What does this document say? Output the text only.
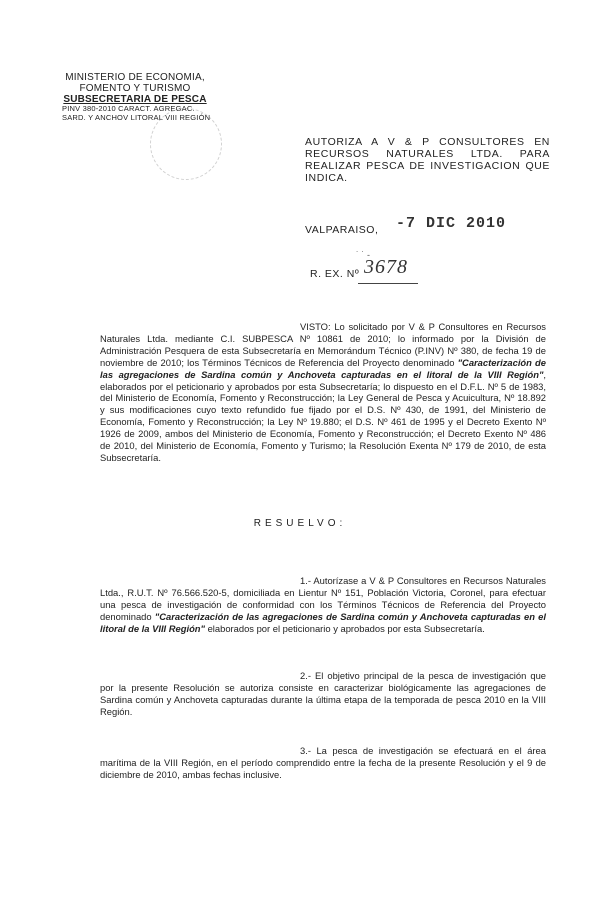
MINISTERIO DE ECONOMIA,
FOMENTO Y TURISMO
SUBSECRETARIA DE PESCA
PINV 380-2010 CARACT. AGREGAC.
SARD. Y ANCHOV LITORAL VIII REGIÓN
AUTORIZA A V & P CONSULTORES EN RECURSOS NATURALES LTDA. PARA REALIZAR PESCA DE INVESTIGACION QUE INDICA.
VALPARAISO, -7 DIC 2010
˙ ˙ -
R. EX. Nº 3678
VISTO: Lo solicitado por V & P Consultores en Recursos Naturales Ltda. mediante C.I. SUBPESCA Nº 10861 de 2010; lo informado por la División de Administración Pesquera de esta Subsecretaría en Memorándum Técnico (P.INV) Nº 380, de fecha 19 de noviembre de 2010; los Términos Técnicos de Referencia del Proyecto denominado "Caracterización de las agregaciones de Sardina común y Anchoveta capturadas en el litoral de la VIII Región", elaborados por el peticionario y aprobados por esta Subsecretaría; lo dispuesto en el D.F.L. Nº 5 de 1983, del Ministerio de Economía, Fomento y Reconstrucción; la Ley General de Pesca y Acuicultura, Nº 18.892 y sus modificaciones cuyo texto refundido fue fijado por el D.S. Nº 430, de 1991, del Ministerio de Economía, Fomento y Reconstrucción; la Ley Nº 19.880; el D.S. Nº 461 de 1995 y el Decreto Exento Nº 1926 de 2009, ambos del Ministerio de Economía, Fomento y Reconstrucción; el Decreto Exento Nº 486 de 2010, del Ministerio de Economía, Fomento y Turismo; la Resolución Exenta Nº 179 de 2010, de esta Subsecretaría.
RESUELVO:
1.- Autorízase a V & P Consultores en Recursos Naturales Ltda., R.U.T. Nº 76.566.520-5, domiciliada en Lientur Nº 151, Población Victoria, Coronel, para efectuar una pesca de investigación de conformidad con los Términos Técnicos de Referencia del Proyecto denominado "Caracterización de las agregaciones de Sardina común y Anchoveta capturadas en el litoral de la VIII Región" elaborados por el peticionario y aprobados por esta Subsecretaría.
2.- El objetivo principal de la pesca de investigación que por la presente Resolución se autoriza consiste en caracterizar biológicamente las agregaciones de Sardina común y Anchoveta capturadas durante la última etapa de la temporada de pesca 2010 en la VIII Región.
3.- La pesca de investigación se efectuará en el área marítima de la VIII Región, en el período comprendido entre la fecha de la presente Resolución y el 9 de diciembre de 2010, ambas fechas inclusive.
